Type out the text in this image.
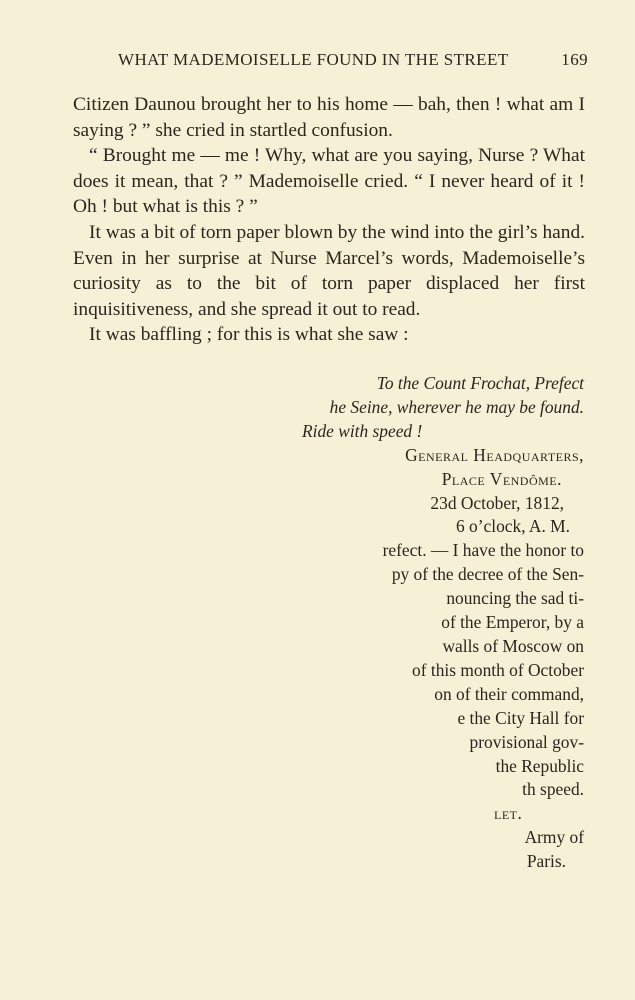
WHAT MADEMOISELLE FOUND IN THE STREET	169

Citizen Daunou brought her to his home — bah, then ! what am I saying ? ” she cried in startled confusion.

“ Brought me — me ! Why, what are you saying, Nurse ? What does it mean, that ? ” Mademoiselle cried. “ I never heard of it ! Oh ! but what is this ? ”

It was a bit of torn paper blown by the wind into the girl’s hand. Even in her surprise at Nurse Marcel’s words, Mademoiselle’s curiosity as to the bit of torn paper displaced her first inquisitiveness, and she spread it out to read.

It was baffling ; for this is what she saw :

To the Count Frochat, Prefect
he Seine, wherever he may be found.
Ride with speed !
General Headquarters,
Place Vendôme.
23d October, 1812,
6 o’clock, A. M.
refect. — I have the honor to
py of the decree of the Sen-
nouncing the sad ti-
of the Emperor, by a
walls of Moscow on
of this month of October
on of their command,
e the City Hall for
provisional gov-
the Republic
th speed.
let.
Army of
Paris.
